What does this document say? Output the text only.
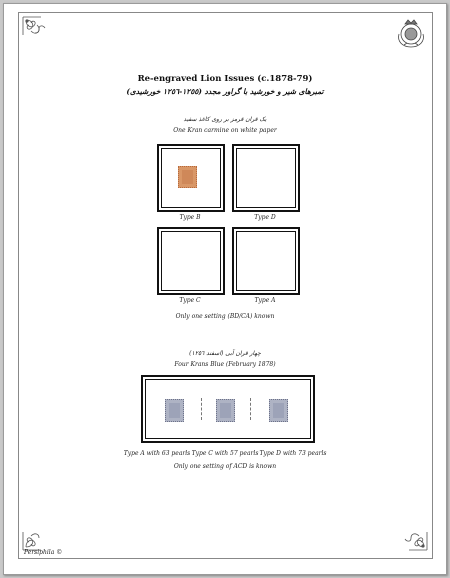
Re-engraved Lion Issues (c.1878-79)
تمبرهای شیر و خورشید با گراور مجدد (١٢٥٥-١٢٥٦ خورشیدی)
یک قران قرمز بر روی کاغذ سفید
One Kran carmine on white paper
Type B	Type D
Type C	Type A
Only one setting (BD/CA) known
چهار قران آبی (اسفند ١٢٥٦)
Four Krans Blue (February 1878)
Type A with 63 pearls Type C with 57 pearls Type D with 73 pearls
Only one setting of ACD is known
Persiphila ©
